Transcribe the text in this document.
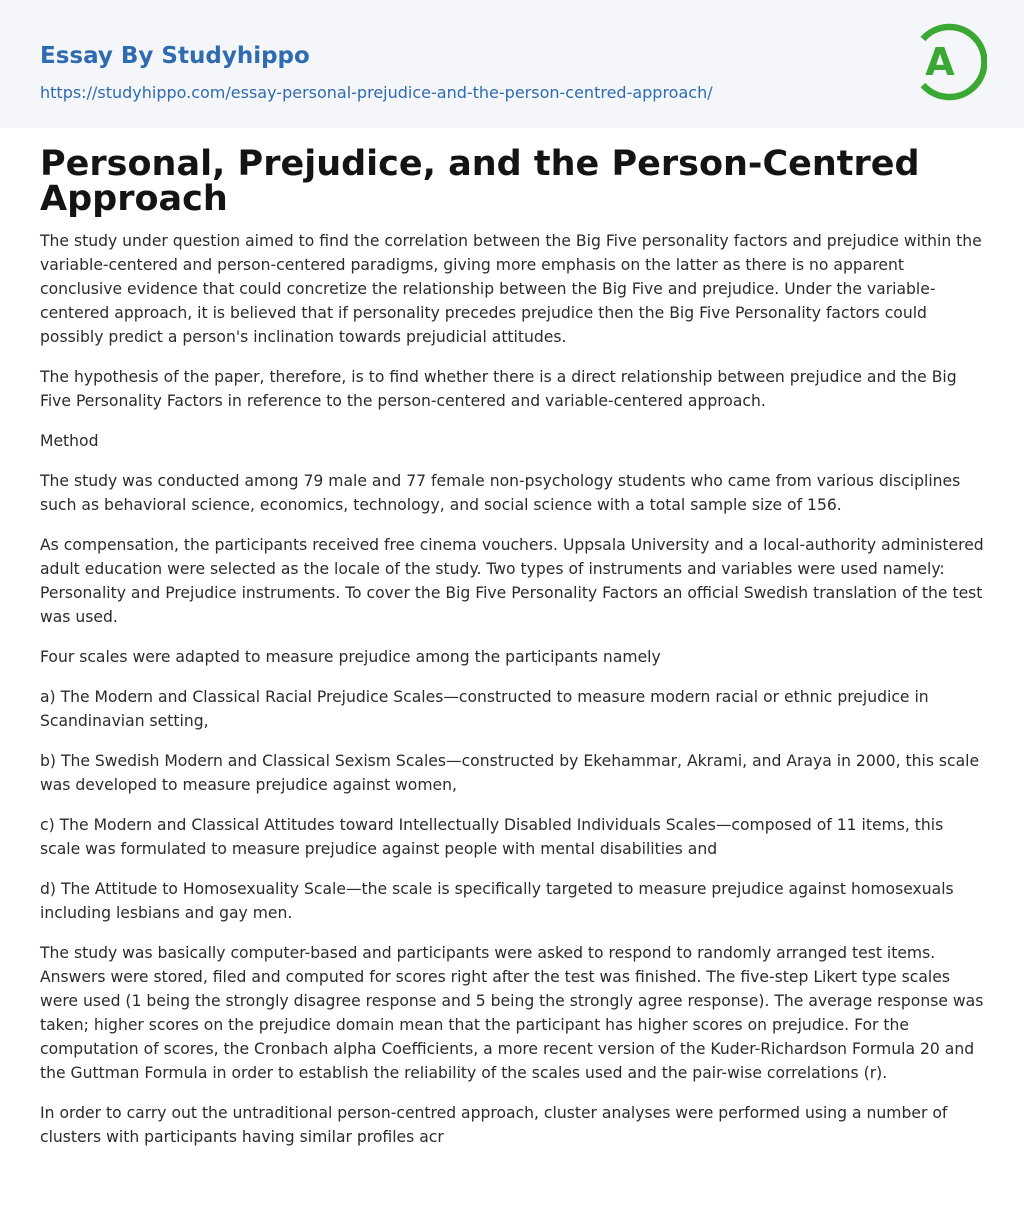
Essay By Studyhippo
https://studyhippo.com/essay-personal-prejudice-and-the-person-centred-approach/
A
Personal, Prejudice, and the Person-Centred Approach

The study under question aimed to find the correlation between the Big Five personality factors and prejudice within the variable-centered and person-centered paradigms, giving more emphasis on the latter as there is no apparent conclusive evidence that could concretize the relationship between the Big Five and prejudice. Under the variable-centered approach, it is believed that if personality precedes prejudice then the Big Five Personality factors could possibly predict a person's inclination towards prejudicial attitudes.

The hypothesis of the paper, therefore, is to find whether there is a direct relationship between prejudice and the Big Five Personality Factors in reference to the person-centered and variable-centered approach.

Method

The study was conducted among 79 male and 77 female non-psychology students who came from various disciplines such as behavioral science, economics, technology, and social science with a total sample size of 156.

As compensation, the participants received free cinema vouchers. Uppsala University and a local-authority administered adult education were selected as the locale of the study. Two types of instruments and variables were used namely: Personality and Prejudice instruments. To cover the Big Five Personality Factors an official Swedish translation of the test was used.

Four scales were adapted to measure prejudice among the participants namely

a) The Modern and Classical Racial Prejudice Scales—constructed to measure modern racial or ethnic prejudice in Scandinavian setting,

b) The Swedish Modern and Classical Sexism Scales—constructed by Ekehammar, Akrami, and Araya in 2000, this scale was developed to measure prejudice against women,

c) The Modern and Classical Attitudes toward Intellectually Disabled Individuals Scales—composed of 11 items, this scale was formulated to measure prejudice against people with mental disabilities and

d) The Attitude to Homosexuality Scale—the scale is specifically targeted to measure prejudice against homosexuals including lesbians and gay men.

The study was basically computer-based and participants were asked to respond to randomly arranged test items. Answers were stored, filed and computed for scores right after the test was finished. The five-step Likert type scales were used (1 being the strongly disagree response and 5 being the strongly agree response). The average response was taken; higher scores on the prejudice domain mean that the participant has higher scores on prejudice. For the computation of scores, the Cronbach alpha Coefficients, a more recent version of the Kuder-Richardson Formula 20 and the Guttman Formula in order to establish the reliability of the scales used and the pair-wise correlations (r).

In order to carry out the untraditional person-centred approach, cluster analyses were performed using a number of clusters with participants having similar profiles acr
